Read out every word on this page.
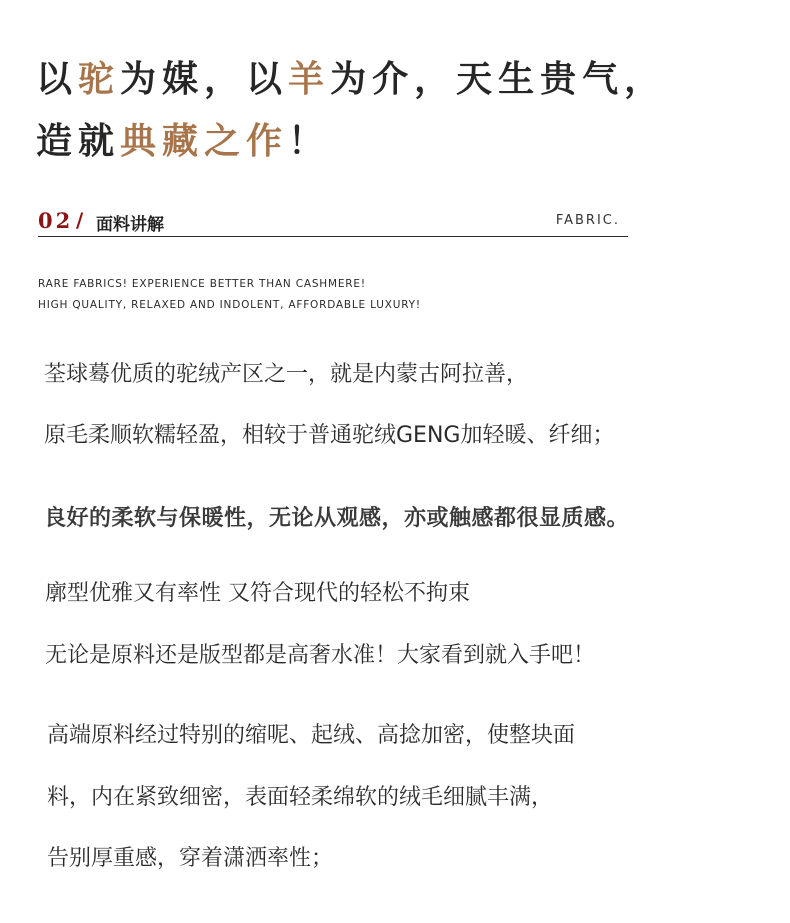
以驼为媒，以羊为介，天生贵气，
造就典藏之作！
02 / 面料讲解	FABRIC.
RARE FABRICS! EXPERIENCE BETTER THAN CASHMERE!
HIGH QUALITY, RELAXED AND INDOLENT, AFFORDABLE LUXURY!
荃球蓦优质的驼绒产区之一，就是内蒙古阿拉善，
原毛柔顺软糯轻盈，相较于普通驼绒GENG加轻暖、纤细；
良好的柔软与保暖性，无论从观感，亦或触感都很显质感。
廓型优雅又有率性 又符合现代的轻松不拘束
无论是原料还是版型都是高奢水准！大家看到就入手吧！
高端原料经过特别的缩呢、起绒、高捻加密，使整块面
料，内在紧致细密，表面轻柔绵软的绒毛细腻丰满，
告别厚重感，穿着潇洒率性；
